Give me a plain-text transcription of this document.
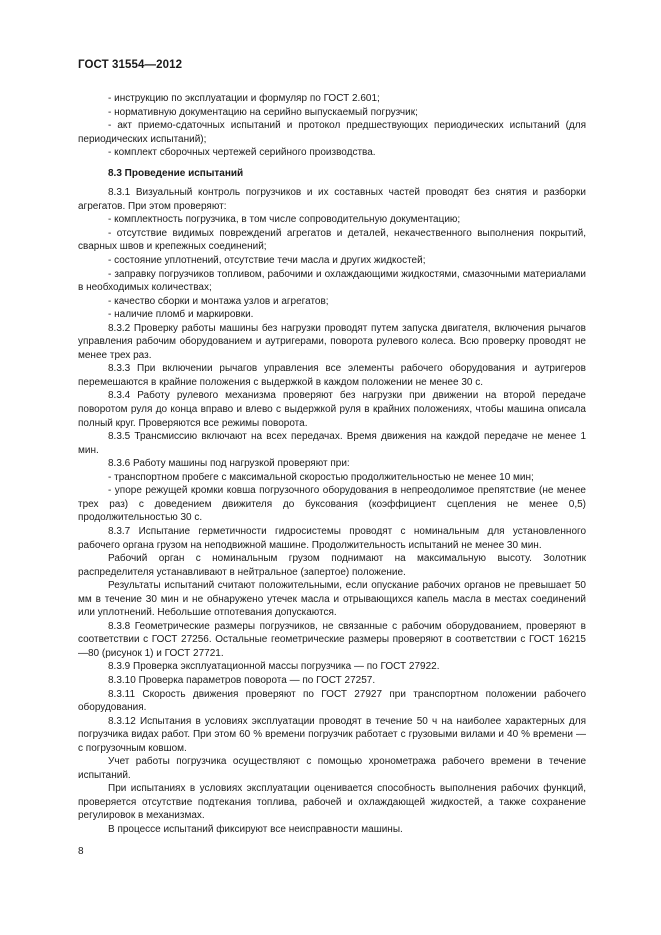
ГОСТ 31554—2012

- инструкцию по эксплуатации и формуляр по ГОСТ 2.601;

- нормативную документацию на серийно выпускаемый погрузчик;

- акт приемо-сдаточных испытаний и протокол предшествующих периодических испытаний (для периодических испытаний);

- комплект сборочных чертежей серийного производства.

8.3 Проведение испытаний

8.3.1 Визуальный контроль погрузчиков и их составных частей проводят без снятия и разборки агрегатов. При этом проверяют:

- комплектность погрузчика, в том числе сопроводительную документацию;

- отсутствие видимых повреждений агрегатов и деталей, некачественного выполнения покрытий, сварных швов и крепежных соединений;

- состояние уплотнений, отсутствие течи масла и других жидкостей;

- заправку погрузчиков топливом, рабочими и охлаждающими жидкостями, смазочными материалами в необходимых количествах;

- качество сборки и монтажа узлов и агрегатов;

- наличие пломб и маркировки.

8.3.2 Проверку работы машины без нагрузки проводят путем запуска двигателя, включения рычагов управления рабочим оборудованием и аутригерами, поворота рулевого колеса. Всю проверку проводят не менее трех раз.

8.3.3 При включении рычагов управления все элементы рабочего оборудования и аутригеров перемешаются в крайние положения с выдержкой в каждом положении не менее 30 с.

8.3.4 Работу рулевого механизма проверяют без нагрузки при движении на второй передаче поворотом руля до конца вправо и влево с выдержкой руля в крайних положениях, чтобы машина описала полный круг. Проверяются все режимы поворота.

8.3.5 Трансмиссию включают на всех передачах. Время движения на каждой передаче не менее 1 мин.

8.3.6 Работу машины под нагрузкой проверяют при:

- транспортном пробеге с максимальной скоростью продолжительностью не менее 10 мин;

- упоре режущей кромки ковша погрузочного оборудования в непреодолимое препятствие (не менее трех раз) с доведением движителя до буксования (коэффициент сцепления не менее 0,5) продолжительностью 30 с.

8.3.7 Испытание герметичности гидросистемы проводят с номинальным для установленного рабочего органа грузом на неподвижной машине. Продолжительность испытаний не менее 30 мин.

Рабочий орган с номинальным грузом поднимают на максимальную высоту. Золотник распределителя устанавливают в нейтральное (запертое) положение.

Результаты испытаний считают положительными, если опускание рабочих органов не превышает 50 мм в течение 30 мин и не обнаружено утечек масла и отрывающихся капель масла в местах соединений или уплотнений. Небольшие отпотевания допускаются.

8.3.8 Геометрические размеры погрузчиков, не связанные с рабочим оборудованием, проверяют в соответствии с ГОСТ 27256. Остальные геометрические размеры проверяют в соответствии с ГОСТ 16215—80 (рисунок 1) и ГОСТ 27721.

8.3.9 Проверка эксплуатационной массы погрузчика — по ГОСТ 27922.

8.3.10 Проверка параметров поворота — по ГОСТ 27257.

8.3.11 Скорость движения проверяют по ГОСТ 27927 при транспортном положении рабочего оборудования.

8.3.12 Испытания в условиях эксплуатации проводят в течение 50 ч на наиболее характерных для погрузчика видах работ. При этом 60 % времени погрузчик работает с грузовыми вилами и 40 % времени — с погрузочным ковшом.

Учет работы погрузчика осуществляют с помощью хронометража рабочего времени в течение испытаний.

При испытаниях в условиях эксплуатации оценивается способность выполнения рабочих функций, проверяется отсутствие подтекания топлива, рабочей и охлаждающей жидкостей, а также сохранение регулировок в механизмах.

В процессе испытаний фиксируют все неисправности машины.

8
